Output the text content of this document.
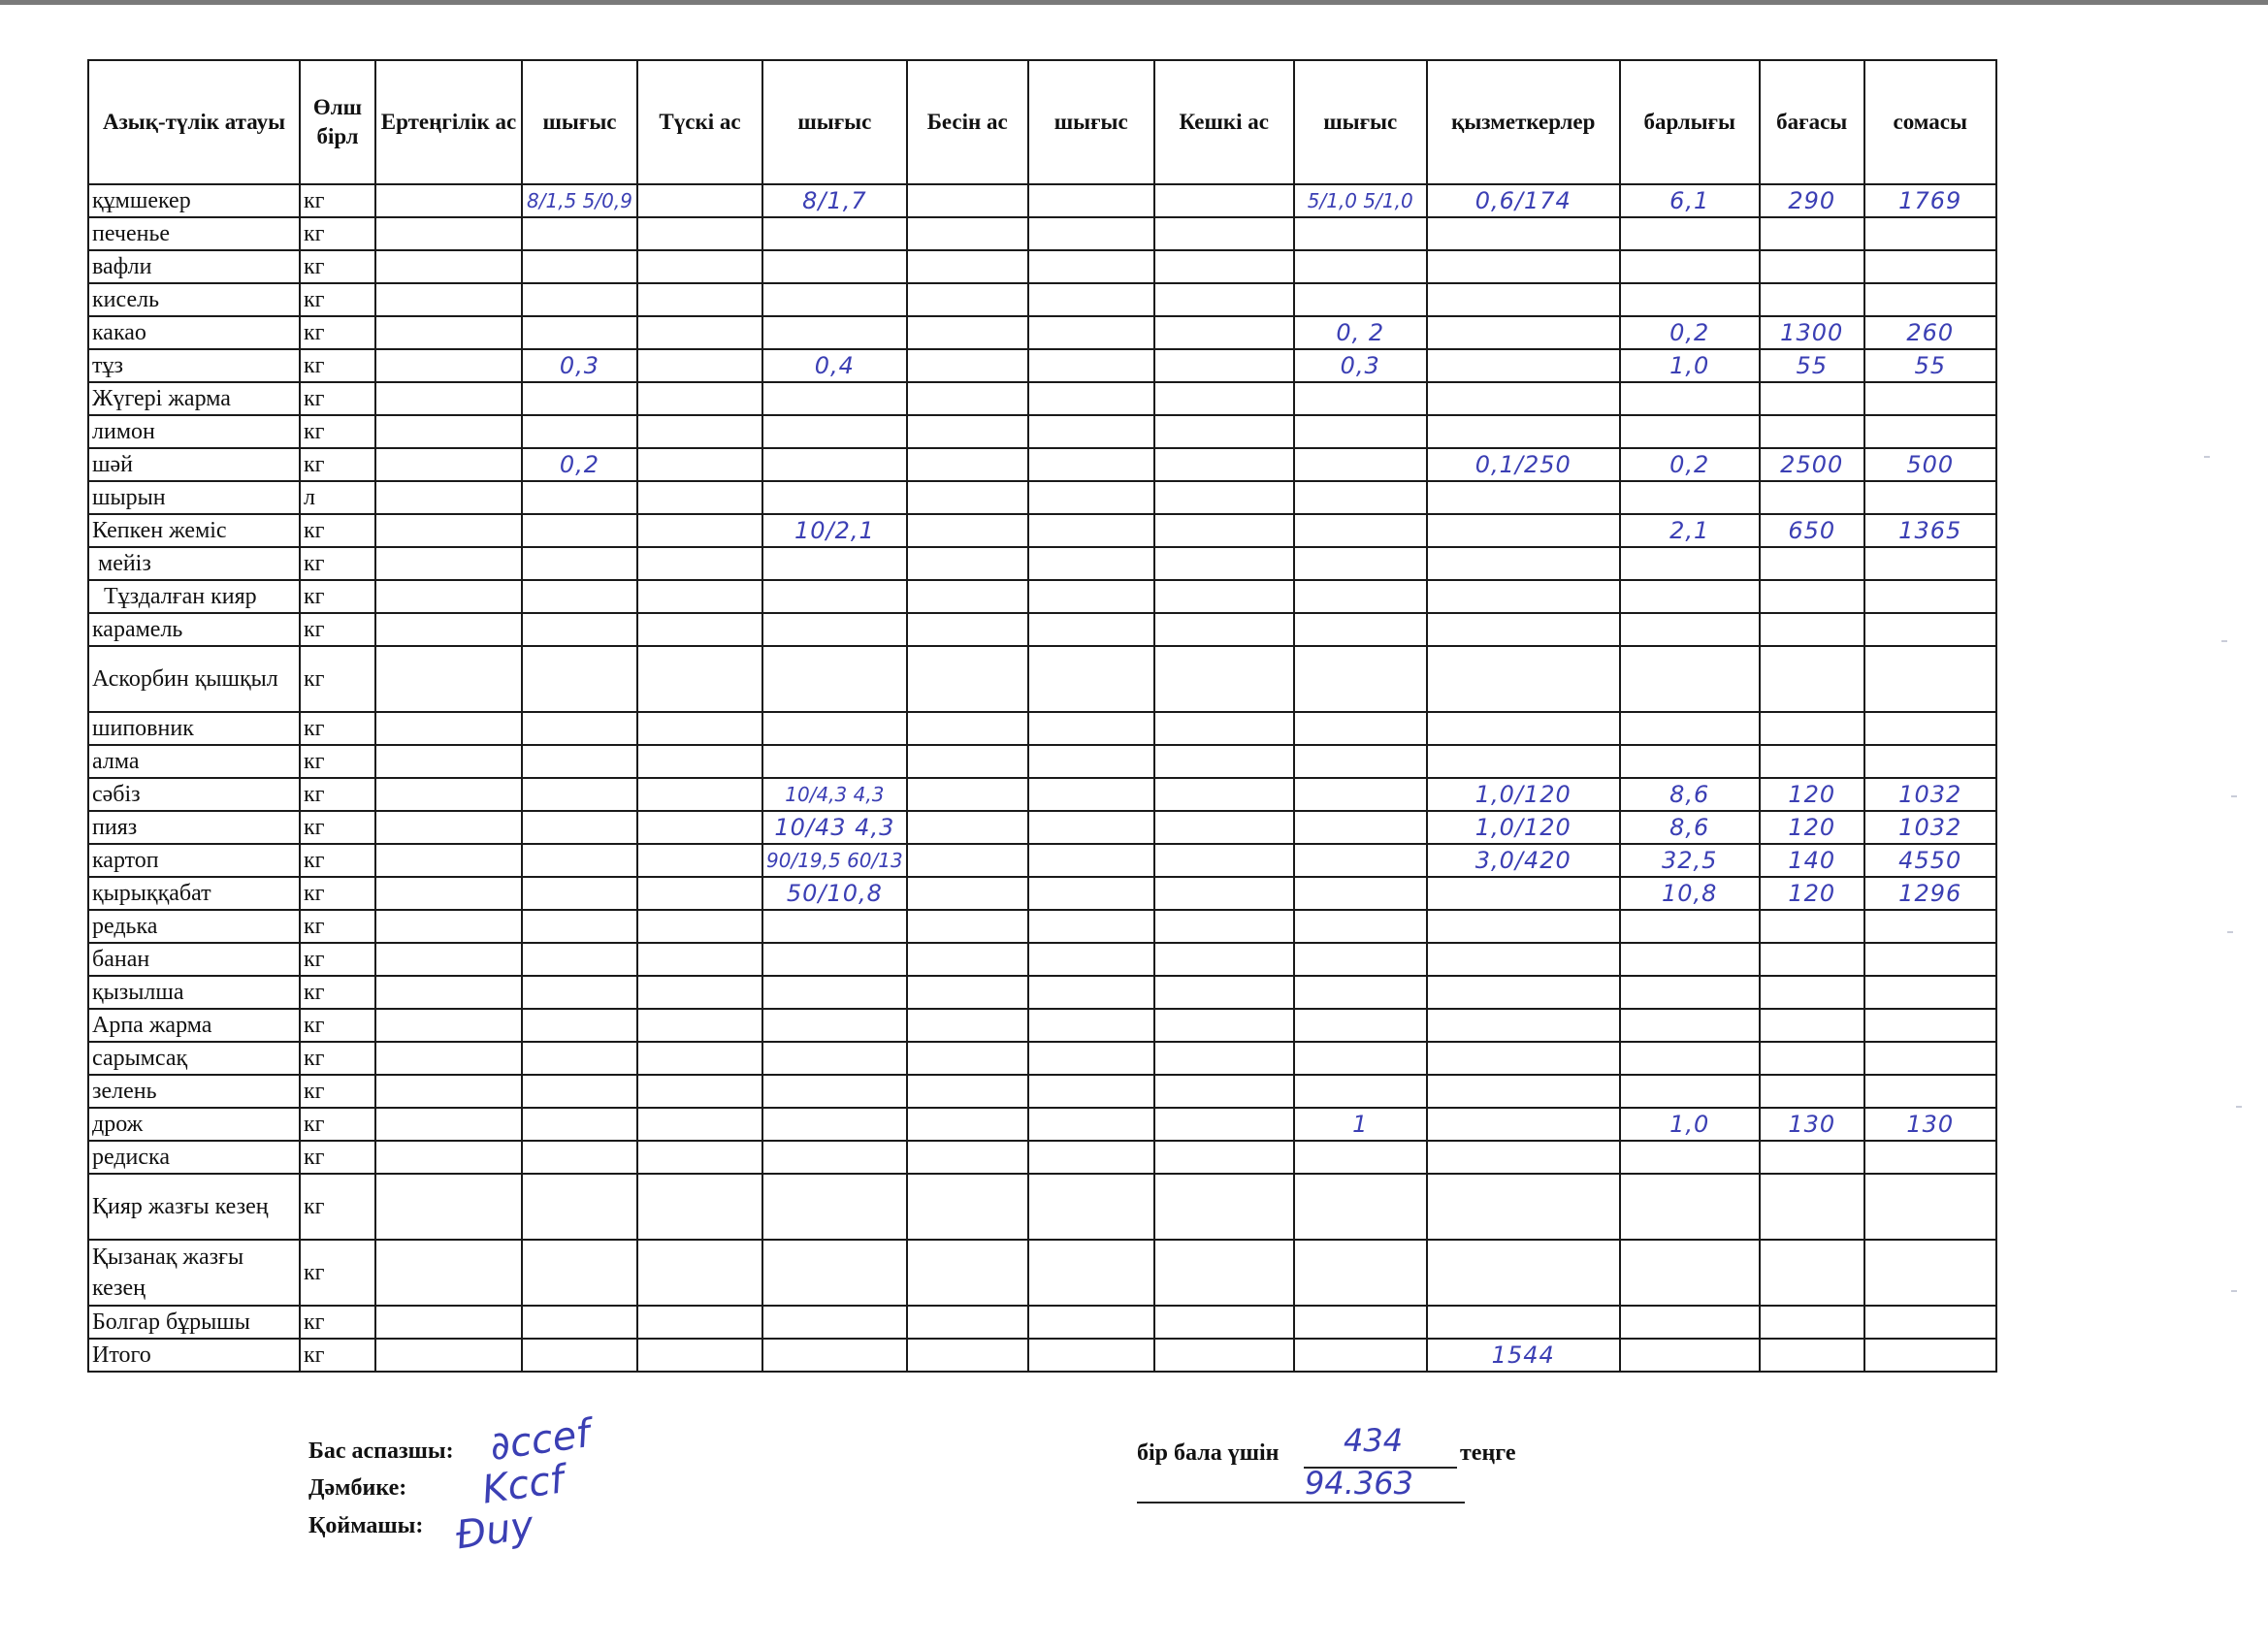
Азық-түлік атауы	Өлш бірл	Ертеңгілік ас	шығыс	Түскі ас	шығыс	Бесін ас	шығыс	Кешкі ас	шығыс	қызметкерлер	барлығы	бағасы	сомасы
құмшекер	кг		8/1,5 5/0,9		8/1,7				5/1,0 5/1,0	0,6/174	6,1	290	1769
печенье	кг												
вафли	кг												
кисель	кг												
какао	кг								0, 2		0,2	1300	260
тұз	кг		0,3		0,4				0,3		1,0	55	55
Жүгері жарма	кг												
лимон	кг												
шәй	кг		0,2							0,1/250	0,2	2500	500
шырын	л												
Кепкен жеміс	кг				10/2,1						2,1	650	1365
мейіз	кг												
Тұздалған кияр	кг												
карамель	кг												
Аскорбин қышқыл	кг												
шиповник	кг												
алма	кг												
сәбіз	кг				10/4,3 4,3					1,0/120	8,6	120	1032
пияз	кг				10/43 4,3					1,0/120	8,6	120	1032
картоп	кг				90/19,5 60/13					3,0/420	32,5	140	4550
қырыққабат	кг				50/10,8						10,8	120	1296
редька	кг												
банан	кг												
қызылша	кг												
Арпа жарма	кг												
сарымсақ	кг												
зелень	кг												
дрож	кг								1		1,0	130	130
редиска	кг												
Қияр жазғы кезең	кг												
Қызанақ жазғы кезең	кг												
Болгар бұрышы	кг												
Итого	кг									1544			
Бас аспазшы:
Дәмбике:
Қоймашы:
∂ccef
Kccf
Ɖuy
бір бала үшін 434 теңге
94.363
